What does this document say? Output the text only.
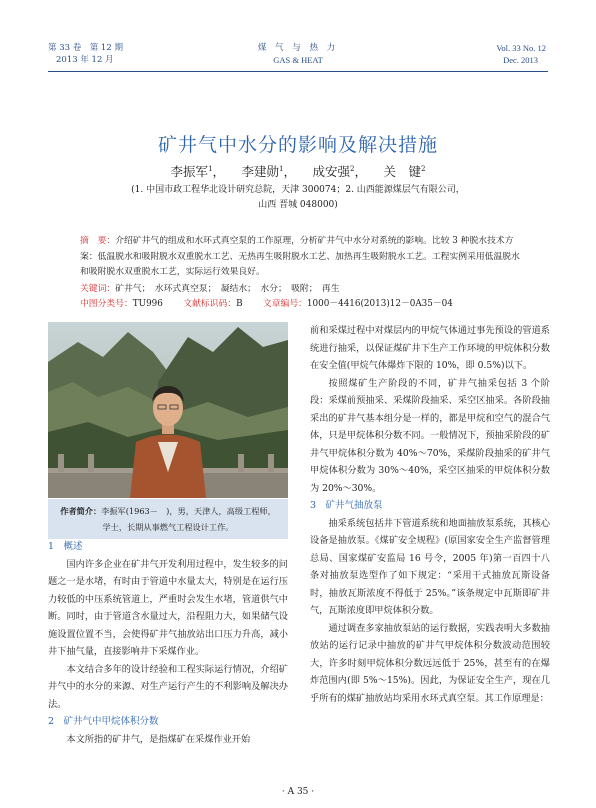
第 33 卷　第 12 期
2013 年 12 月
煤 气 与 热 力
GAS & HEAT
Vol. 33 No. 12
Dec. 2013
矿井气中水分的影响及解决措施
李振军$^1$，  李建勋$^1$，  成安强$^2$，  关　键$^2$
(1. 中国市政工程华北设计研究总院，天津 300074；2. 山西能源煤层气有限公司，
山西 晋城 048000)
摘　要：介绍矿井气的组成和水环式真空泵的工作原理，分析矿井气中水分对系统的影响。比较 3 种脱水技术方案：低温脱水和吸附脱水双重脱水工艺、无热再生吸附脱水工艺、加热再生吸附脱水工艺。工程实例采用低温脱水和吸附脱水双重脱水工艺，实际运行效果良好。
关键词：矿井气；　水环式真空泵；　凝结水；　水分；　吸附；　再生
中图分类号：TU996   文献标识码：B   文章编号：1000－4416(2013)12－0A35－04
作者简介：李振军(1963－　)，男，天津人，高级工程师，
学士，长期从事燃气工程设计工作。

1　概述

国内许多企业在矿井气开发利用过程中，发生较多的问题之一是水堵，有时由于管道中水量太大，特别是在运行压力较低的中压系统管道上，严重时会发生水堵，管道供气中断。同时，由于管道含水量过大，沿程阻力大，如果储气设施设置位置不当，会使得矿井气抽放站出口压力升高，减小井下抽气量，直接影响井下采煤作业。

本文结合多年的设计经验和工程实际运行情况，介绍矿井气中的水分的来源、对生产运行产生的不利影响及解决办法。

2　矿井气中甲烷体积分数

本文所指的矿井气，是指煤矿在采煤作业开始

前和采煤过程中对煤层内的甲烷气体通过事先预设的管道系统进行抽采，以保证煤矿井下生产工作环境的甲烷体积分数在安全值(甲烷气体爆炸下限的 10%，即 0.5%)以下。

按照煤矿生产阶段的不同，矿井气抽采包括 3 个阶段：采煤前预抽采、采煤阶段抽采、采空区抽采。各阶段抽采出的矿井气基本组分是一样的，都是甲烷和空气的混合气体，只是甲烷体积分数不同。一般情况下，预抽采阶段的矿井气甲烷体积分数为 40%～70%，采煤阶段抽采的矿井气甲烷体积分数为 30%～40%，采空区抽采的甲烷体积分数为 20%～30%。

3　矿井气抽放泵

抽采系统包括井下管道系统和地面抽放泵系统，其核心设备是抽放泵。《煤矿安全规程》(原国家安全生产监督管理总局、国家煤矿安监局 16 号令，2005 年)第一百四十八条对抽放泵选型作了如下规定：“采用干式抽放瓦斯设备时，抽放瓦斯浓度不得低于 25%。”该条规定中瓦斯即矿井气，瓦斯浓度即甲烷体积分数。

通过调查多家抽放泵站的运行数据，实践表明大多数抽放站的运行记录中抽放的矿井气甲烷体积分数波动范围较大，许多时刻甲烷体积分数远远低于 25%，甚至有的在爆炸范围内(即 5%～15%)。因此，为保证安全生产，现在几乎所有的煤矿抽放站均采用水环式真空泵。其工作原理是：

· A 35 ·
